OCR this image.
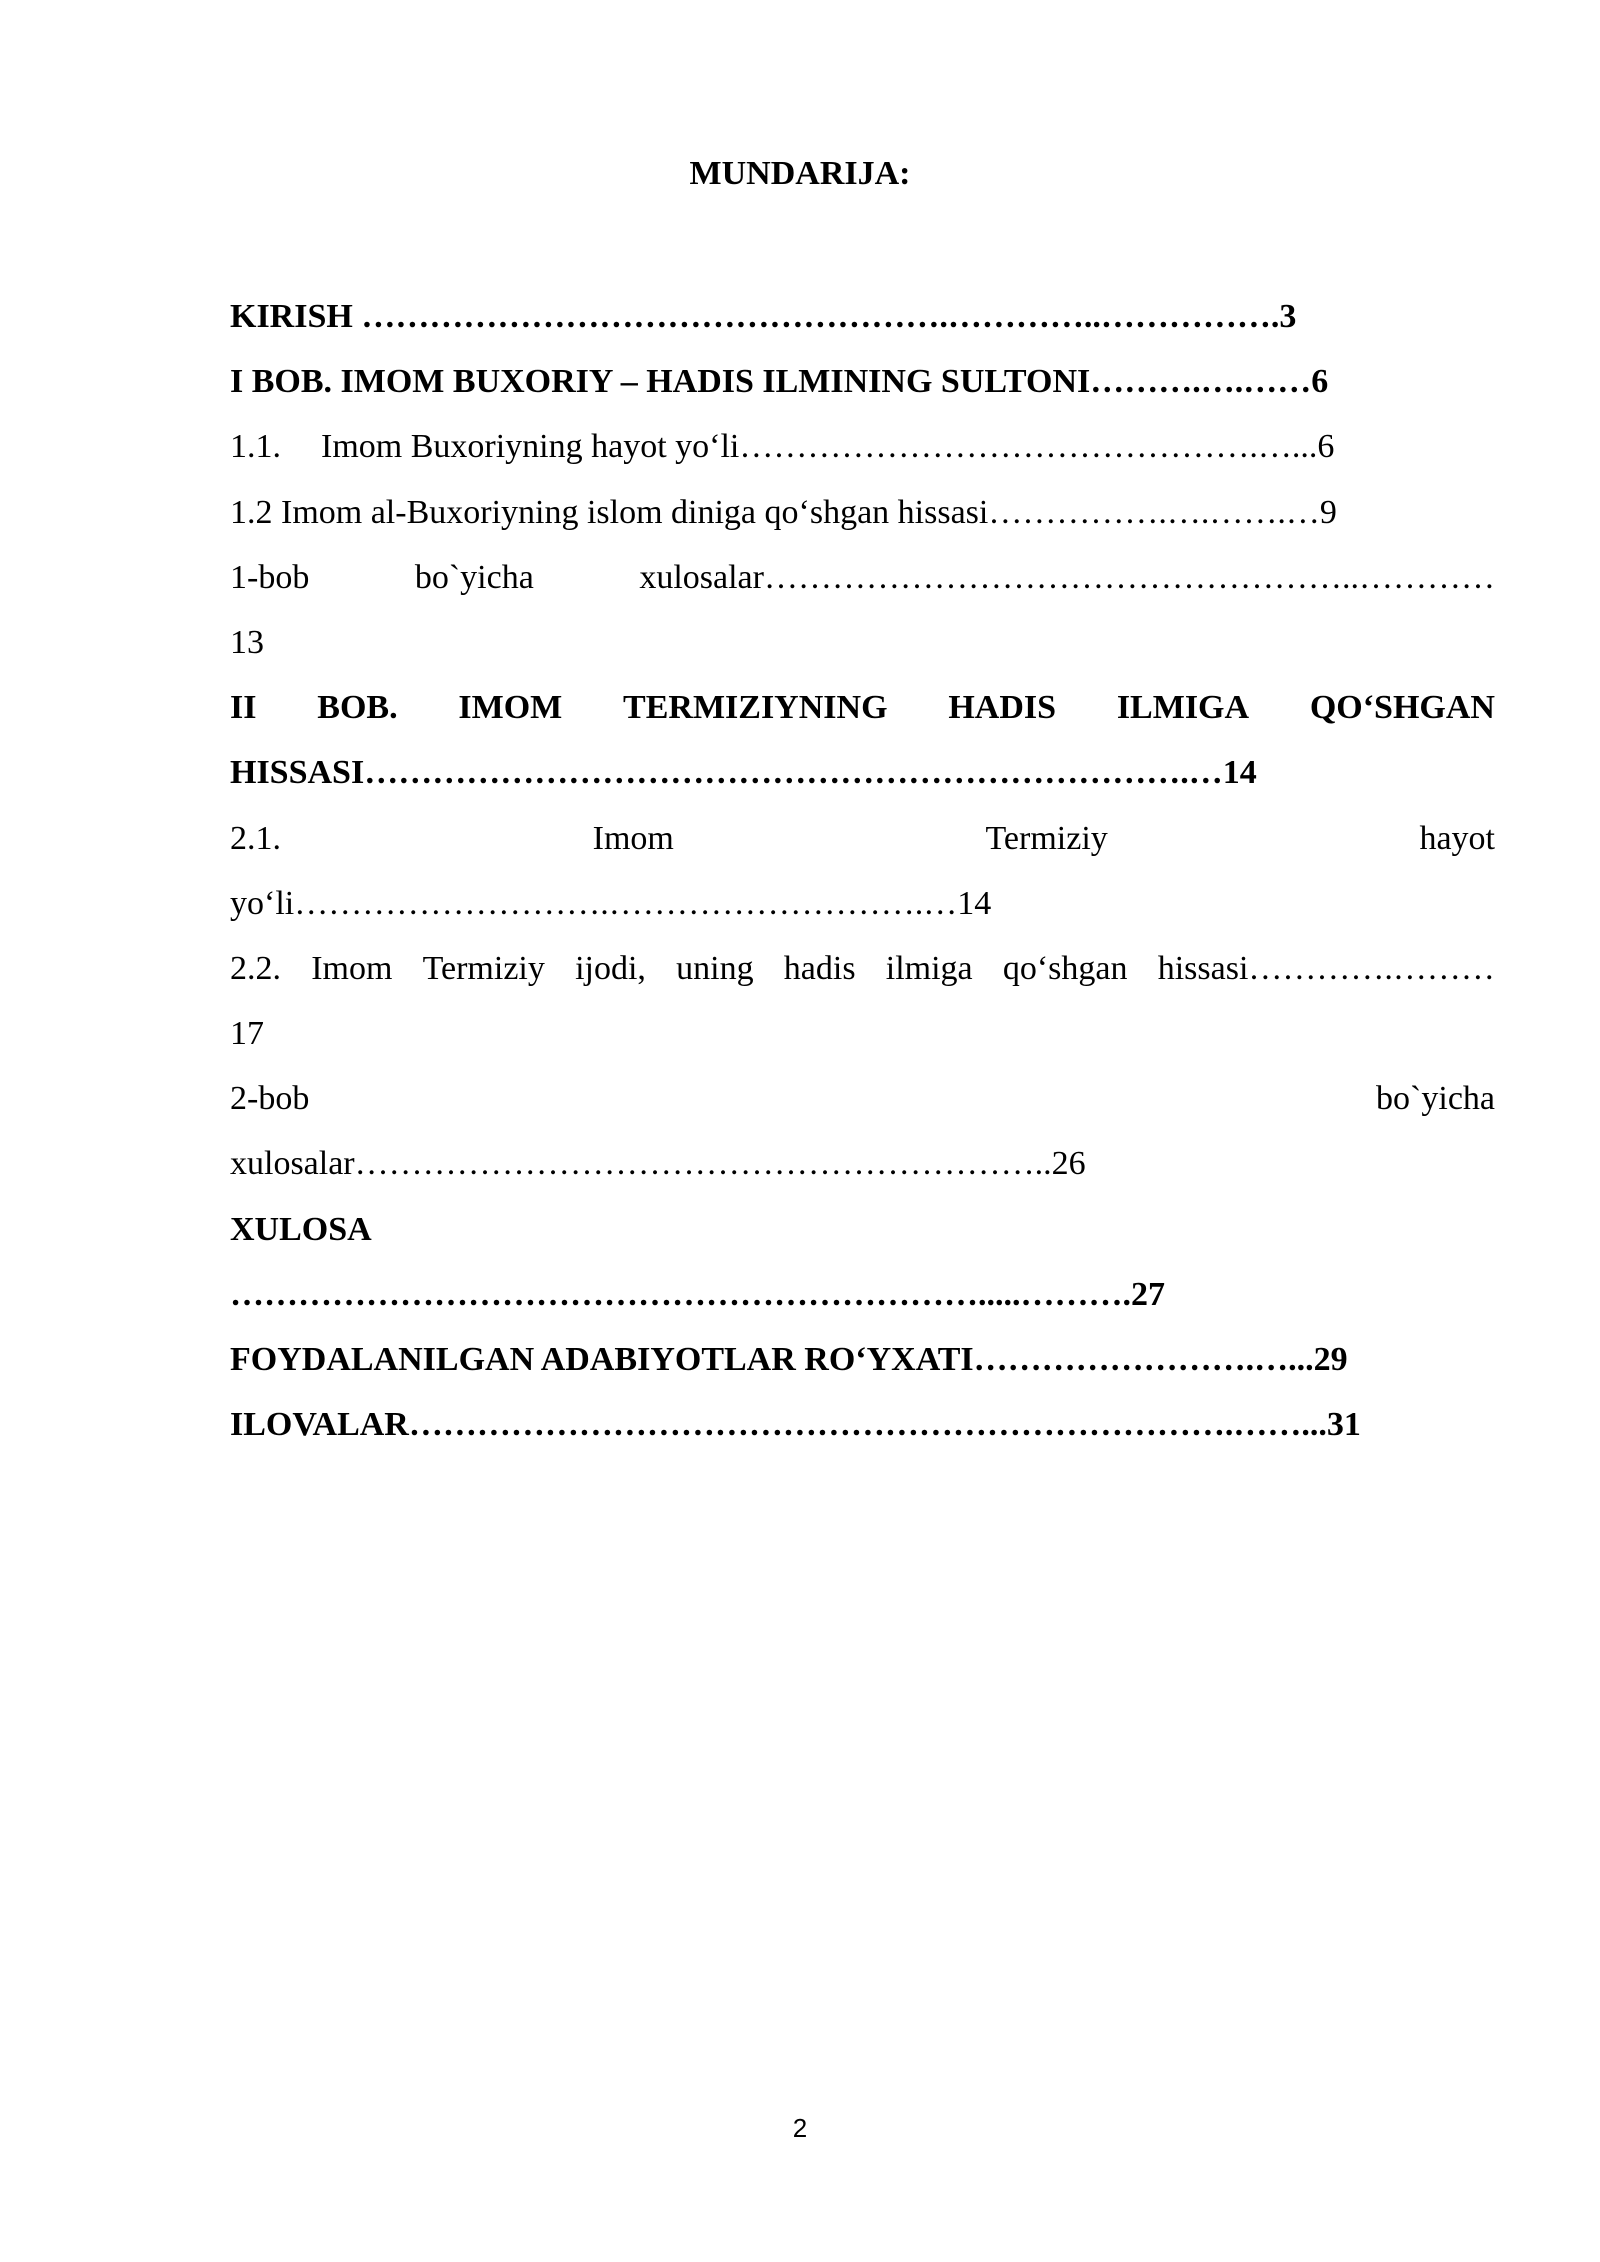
MUNDARIJA:
KIRISH …………………………………………….…………..…………….3
I BOB. IMOM BUXORIY – HADIS ILMINING SULTONI……….….……6
1.1. Imom Buxoriyning hayot yo‘li……………………………………….…...6
1.2 Imom al-Buxoriyning islom diniga qo‘shgan hissasi…………….….…….…9
1-bob	bo`yicha	xulosalar……………………………………………..…………
13
II BOB. IMOM TERMIZIYNING HADIS ILMIGA QO‘SHGAN
HISSASI……………………………………………………………….…14
2.1.	Imom	Termiziy	hayot
yo‘li……………………….……………………….…14
2.2. Imom Termiziy ijodi, uning hadis ilmiga qo‘shgan hissasi………….………
17
2-bob	bo`yicha
xulosalar……………………………………………………..26
XULOSA
………………………………………………………….....……….27
FOYDALANILGAN ADABIYOTLAR RO‘YXATI…………………….…...29
ILOVALAR……………………………………………………………….……...31
2
